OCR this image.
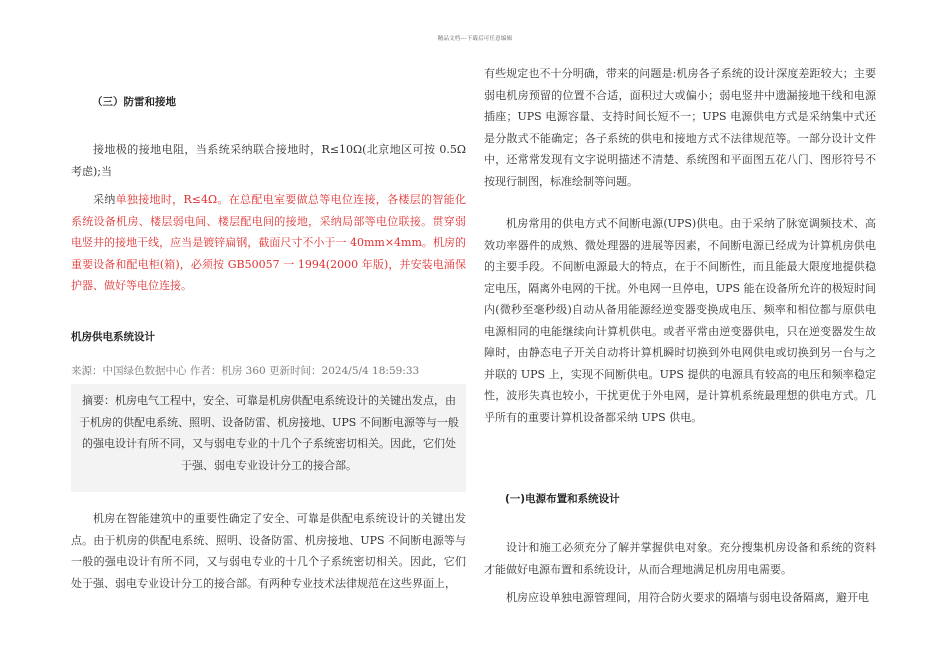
精品文档---下载后可任意编辑
（三）防雷和接地

接地极的接地电阻，当系统采纳联合接地时，R≤10Ω(北京地区可按 0.5Ω 考虑);当

采纳单独接地时，R≤4Ω。在总配电室要做总等电位连接，各楼层的智能化系统设备机房、楼层弱电间、楼层配电间的接地，采纳局部等电位联接。贯穿弱电竖井的接地干线，应当是镀锌扁钢，截面尺寸不小于一 40mm×4mm。机房的重要设备和配电柜(箱)，必须按 GB50057 一 1994(2000 年版)，并安装电涌保护器、做好等电位连接。

机房供电系统设计
来源：中国绿色数据中心 作者：机房 360 更新时间：2024/5/4 18:59:33

摘要：机房电气工程中，安全、可靠是机房供配电系统设计的关键出发点，由于机房的供配电系统、照明、设备防雷、机房接地、UPS 不间断电源等与一般的强电设计有所不同，又与弱电专业的十几个子系统密切相关。因此，它们处于强、弱电专业设计分工的接合部。

机房在智能建筑中的重要性确定了安全、可靠是供配电系统设计的关键出发点。由于机房的供配电系统、照明、设备防雷、机房接地、UPS 不间断电源等与一般的强电设计有所不同，又与弱电专业的十几个子系统密切相关。因此，它们处于强、弱电专业设计分工的接合部。有两种专业技术法律规范在这些界面上，

有些规定也不十分明确，带来的问题是:机房各子系统的设计深度差距较大；主要弱电机房预留的位置不合适，面积过大或偏小；弱电竖井中遗漏接地干线和电源插座；UPS 电源容量、支持时间长短不一；UPS 电源供电方式是采纳集中式还是分散式不能确定；各子系统的供电和接地方式不法律规范等。一部分设计文件中，还常常发现有文字说明描述不清楚、系统图和平面图五花八门、图形符号不按现行制图，标准绘制等问题。

机房常用的供电方式不间断电源(UPS)供电。由于采纳了脉宽调频技术、高效功率器件的成熟、微处理器的进展等因素，不间断电源已经成为计算机房供电的主要手段。不间断电源最大的特点，在于不间断性，而且能最大限度地提供稳定电压，隔离外电网的干扰。外电网一旦停电，UPS 能在设备所允许的极短时间内(微秒至毫秒级)自动从备用能源经逆变器变换成电压、频率和相位都与原供电电源相同的电能继续向计算机供电。或者平常由逆变器供电，只在逆变器发生故障时，由静态电子开关自动将计算机瞬时切换到外电网供电或切换到另一台与之并联的 UPS 上，实现不间断供电。UPS 提供的电源具有较高的电压和频率稳定性，波形失真也较小，干扰更优于外电网，是计算机系统最理想的供电方式。几乎所有的重要计算机设备都采纳 UPS 供电。

(一)电源布置和系统设计

设计和施工必须充分了解并掌握供电对象。充分搜集机房设备和系统的资料才能做好电源布置和系统设计，从而合理地满足机房用电需要。

机房应设单独电源管理间，用符合防火要求的隔墙与弱电设备隔离，避开电
